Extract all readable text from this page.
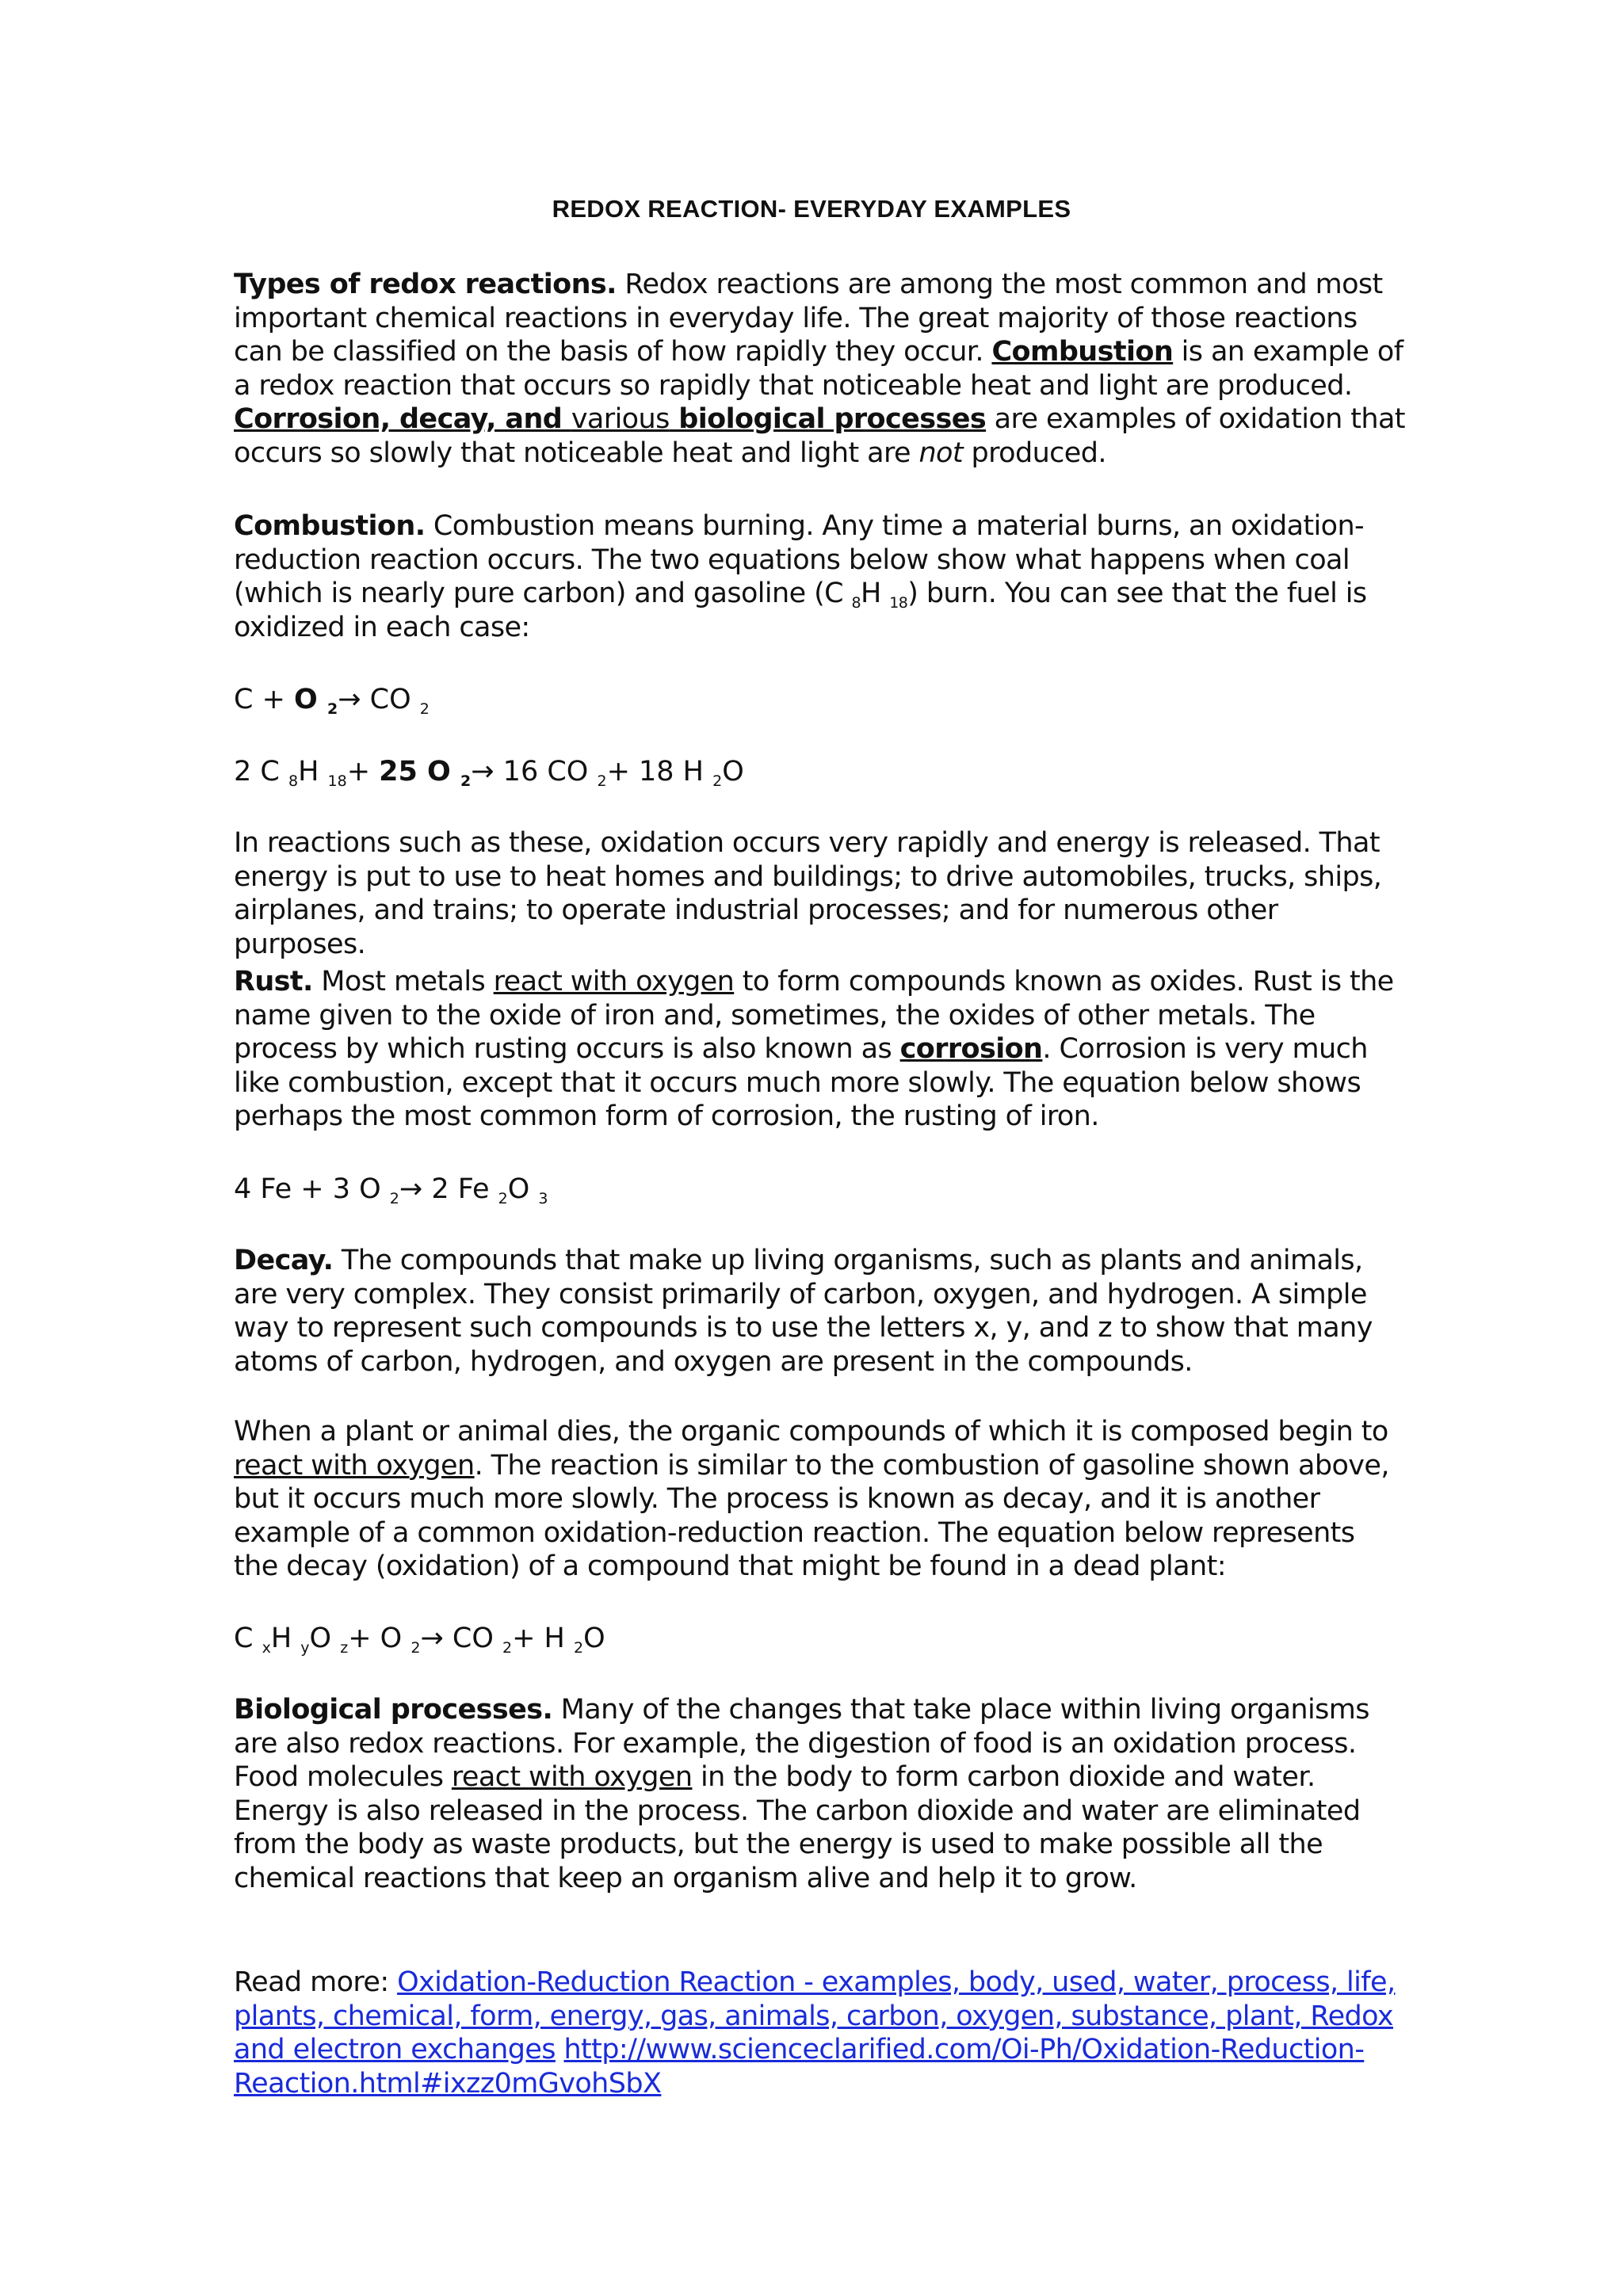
REDOX REACTION- EVERYDAY EXAMPLES
Types of redox reactions. Redox reactions are among the most common and most important chemical reactions in everyday life. The great majority of those reactions can be classified on the basis of how rapidly they occur. Combustion is an example of a redox reaction that occurs so rapidly that noticeable heat and light are produced. Corrosion, decay, and various biological processes are examples of oxidation that occurs so slowly that noticeable heat and light are not produced.
Combustion. Combustion means burning. Any time a material burns, an oxidation-reduction reaction occurs. The two equations below show what happens when coal (which is nearly pure carbon) and gasoline (C $_8$H $_{18}$) burn. You can see that the fuel is oxidized in each case:
C + O $_2$→ CO $_2$
2 C $_8$H $_{18}$+ 25 O $_2$→ 16 CO $_2$+ 18 H $_2$O
In reactions such as these, oxidation occurs very rapidly and energy is released. That energy is put to use to heat homes and buildings; to drive automobiles, trucks, ships, airplanes, and trains; to operate industrial processes; and for numerous other purposes.
Rust. Most metals react with oxygen to form compounds known as oxides. Rust is the name given to the oxide of iron and, sometimes, the oxides of other metals. The process by which rusting occurs is also known as corrosion. Corrosion is very much like combustion, except that it occurs much more slowly. The equation below shows perhaps the most common form of corrosion, the rusting of iron.
4 Fe + 3 O $_2$→ 2 Fe $_2$O $_3$
Decay. The compounds that make up living organisms, such as plants and animals, are very complex. They consist primarily of carbon, oxygen, and hydrogen. A simple way to represent such compounds is to use the letters x, y, and z to show that many atoms of carbon, hydrogen, and oxygen are present in the compounds.
When a plant or animal dies, the organic compounds of which it is composed begin to react with oxygen. The reaction is similar to the combustion of gasoline shown above, but it occurs much more slowly. The process is known as decay, and it is another example of a common oxidation-reduction reaction. The equation below represents the decay (oxidation) of a compound that might be found in a dead plant:
C $_x$H $_y$O $_z$+ O $_2$→ CO $_2$+ H $_2$O
Biological processes. Many of the changes that take place within living organisms are also redox reactions. For example, the digestion of food is an oxidation process. Food molecules react with oxygen in the body to form carbon dioxide and water. Energy is also released in the process. The carbon dioxide and water are eliminated from the body as waste products, but the energy is used to make possible all the chemical reactions that keep an organism alive and help it to grow.
Read more: Oxidation-Reduction Reaction - examples, body, used, water, process, life, plants, chemical, form, energy, gas, animals, carbon, oxygen, substance, plant, Redox and electron exchanges http://www.scienceclarified.com/Oi-Ph/Oxidation-Reduction-Reaction.html#ixzz0mGvohSbX
